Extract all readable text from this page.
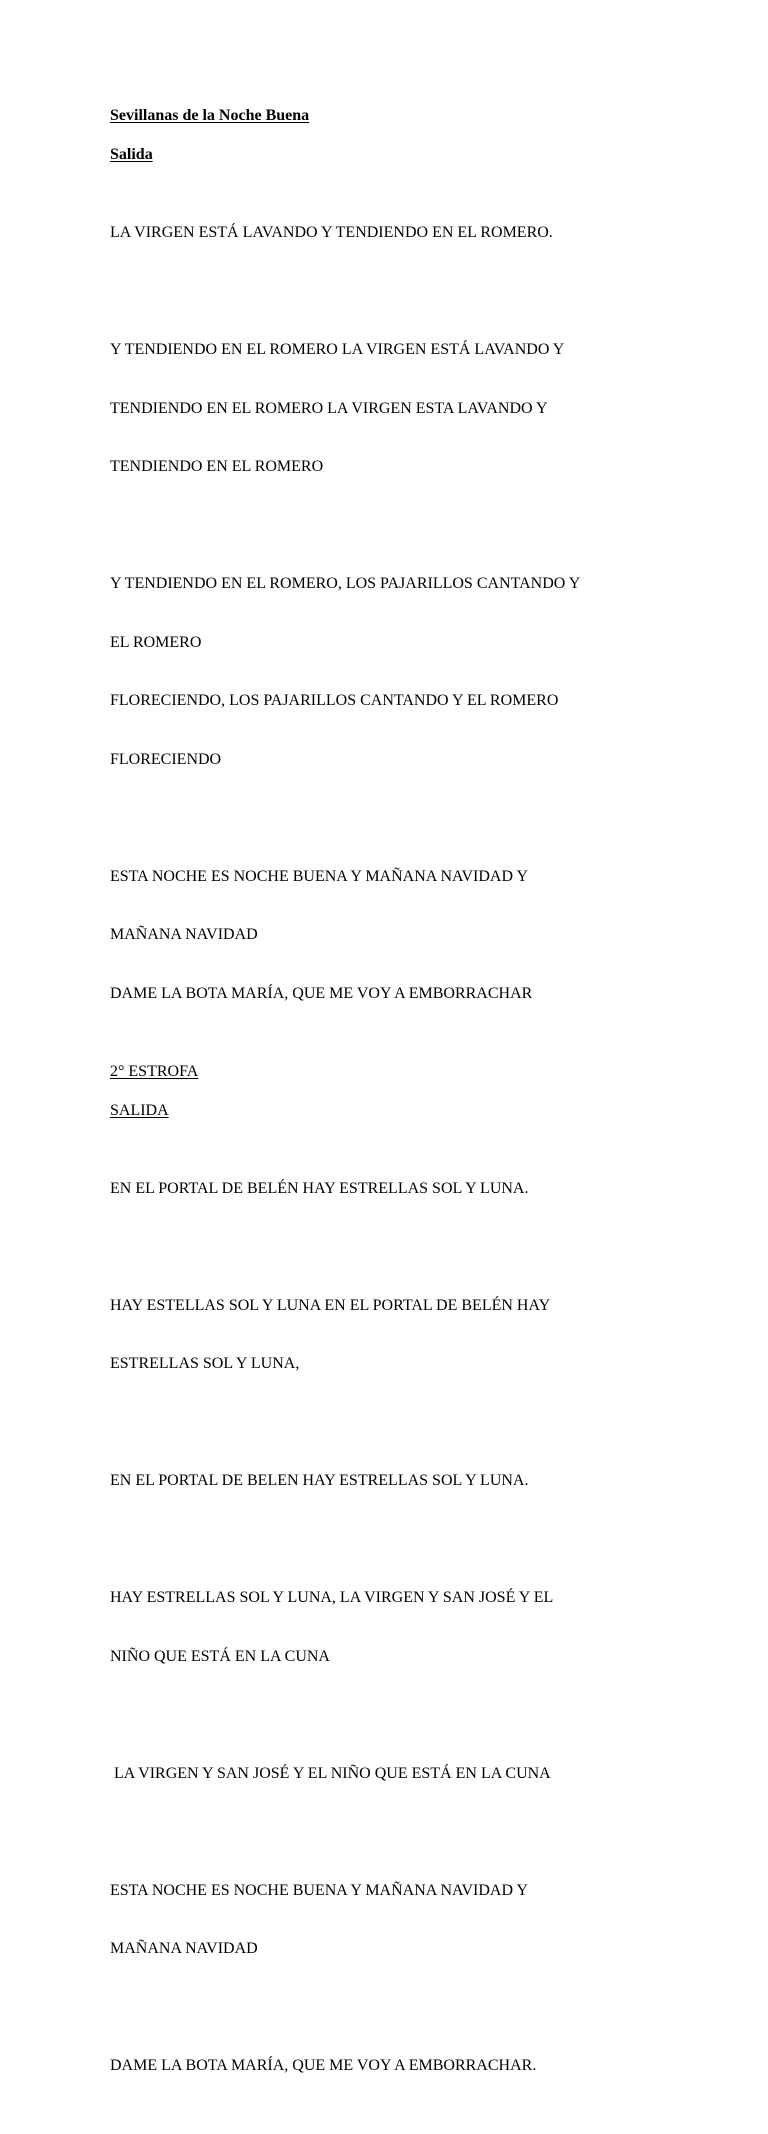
Sevillanas de la Noche Buena

Salida

LA VIRGEN ESTÁ LAVANDO Y TENDIENDO EN EL ROMERO.

Y TENDIENDO EN EL ROMERO LA VIRGEN ESTÁ LAVANDO Y

TENDIENDO EN EL ROMERO LA VIRGEN ESTA LAVANDO Y

TENDIENDO EN EL ROMERO

Y TENDIENDO EN EL ROMERO, LOS PAJARILLOS CANTANDO Y

EL ROMERO

FLORECIENDO, LOS PAJARILLOS CANTANDO Y EL ROMERO

FLORECIENDO

ESTA NOCHE ES NOCHE BUENA Y MAÑANA NAVIDAD Y

MAÑANA NAVIDAD

DAME LA BOTA MARÍA, QUE ME VOY A EMBORRACHAR

2° ESTROFA

SALIDA

EN EL PORTAL DE BELÉN HAY ESTRELLAS SOL Y LUNA.

HAY ESTELLAS SOL Y LUNA EN EL PORTAL DE BELÉN HAY

ESTRELLAS SOL Y LUNA,

EN EL PORTAL DE BELEN HAY ESTRELLAS SOL Y LUNA.

HAY ESTRELLAS SOL Y LUNA, LA VIRGEN Y SAN JOSÉ Y EL

NIÑO QUE ESTÁ EN LA CUNA

LA VIRGEN Y SAN JOSÉ Y EL NIÑO QUE ESTÁ EN LA CUNA

ESTA NOCHE ES NOCHE BUENA Y MAÑANA NAVIDAD Y

MAÑANA NAVIDAD

DAME LA BOTA MARÍA, QUE ME VOY A EMBORRACHAR.
